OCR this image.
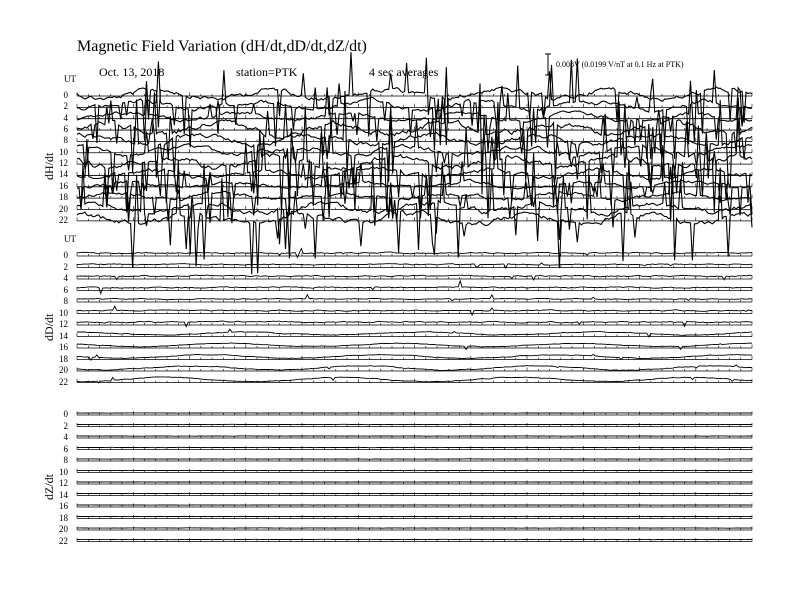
Magnetic Field Variation (dH/dt,dD/dt,dZ/dt)
Oct. 13, 2018	station=PTK	4 sec averages
0.008V (0.0199 V/nT at 0.1 Hz at PTK)
UT
dH/dt
0
2
4
6
8
10
12
14
16
18
20
22
UT
dD/dt
0
2
4
6
8
10
12
14
16
18
20
22
dZ/dt
0
2
4
6
8
10
12
14
16
18
20
22
